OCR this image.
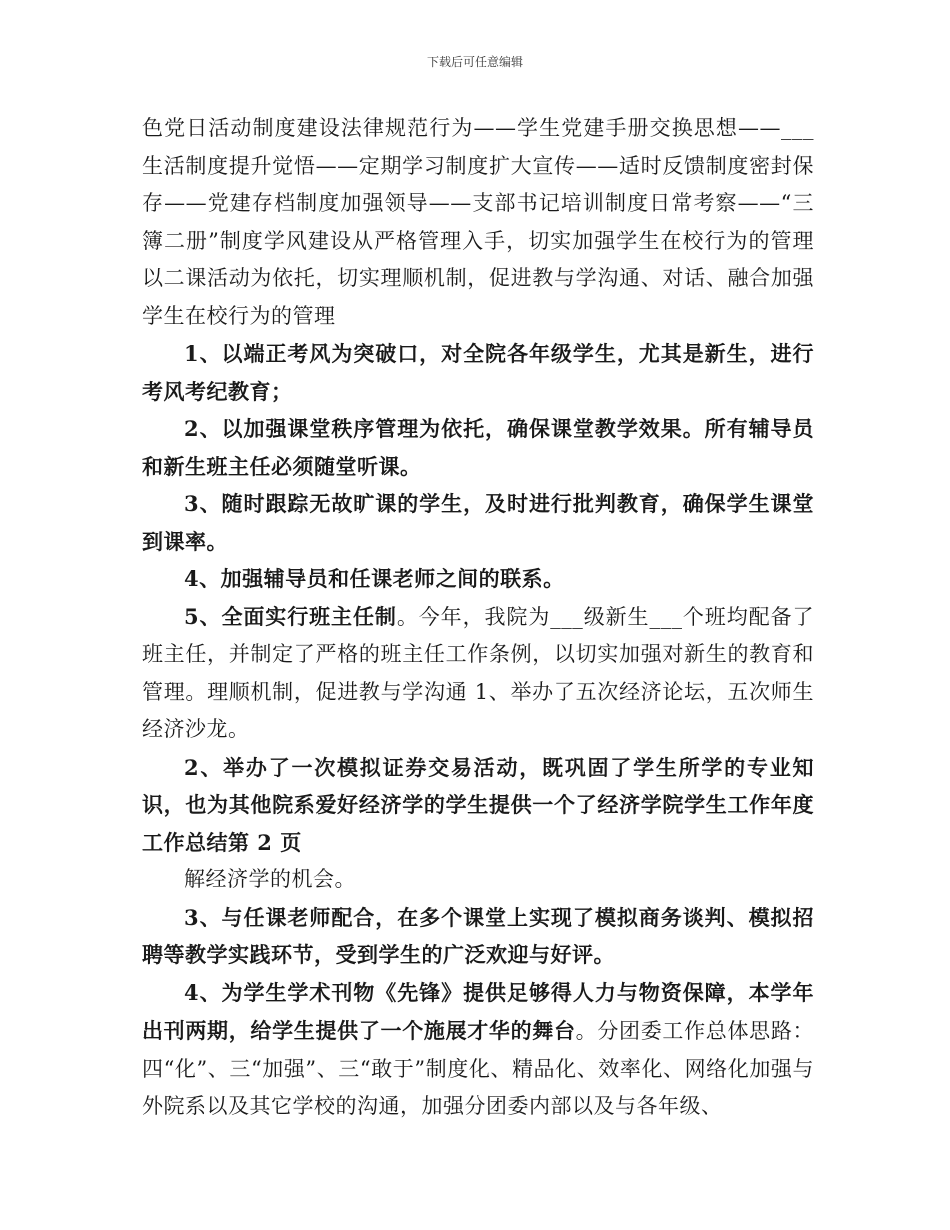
下载后可任意编辑

色党日活动制度建设法律规范行为——学生党建手册交换思想——___生活制度提升觉悟——定期学习制度扩大宣传——适时反馈制度密封保存——党建存档制度加强领导——支部书记培训制度日常考察——“三簿二册”制度学风建设从严格管理入手，切实加强学生在校行为的管理以二课活动为依托，切实理顺机制，促进教与学沟通、对话、融合加强学生在校行为的管理

1、以端正考风为突破口，对全院各年级学生，尤其是新生，进行考风考纪教育；

2、以加强课堂秩序管理为依托，确保课堂教学效果。所有辅导员和新生班主任必须随堂听课。

3、随时跟踪无故旷课的学生，及时进行批判教育，确保学生课堂到课率。

4、加强辅导员和任课老师之间的联系。

5、全面实行班主任制。今年，我院为___级新生___个班均配备了班主任，并制定了严格的班主任工作条例，以切实加强对新生的教育和管理。理顺机制，促进教与学沟通 1、举办了五次经济论坛，五次师生经济沙龙。

2、举办了一次模拟证券交易活动，既巩固了学生所学的专业知识，也为其他院系爱好经济学的学生提供一个了经济学院学生工作年度工作总结第 2 页

解经济学的机会。

3、与任课老师配合，在多个课堂上实现了模拟商务谈判、模拟招聘等教学实践环节，受到学生的广泛欢迎与好评。

4、为学生学术刊物《先锋》提供足够得人力与物资保障，本学年出刊两期，给学生提供了一个施展才华的舞台。分团委工作总体思路：四“化”、三“加强”、三“敢于”制度化、精品化、效率化、网络化加强与外院系以及其它学校的沟通，加强分团委内部以及与各年级、
